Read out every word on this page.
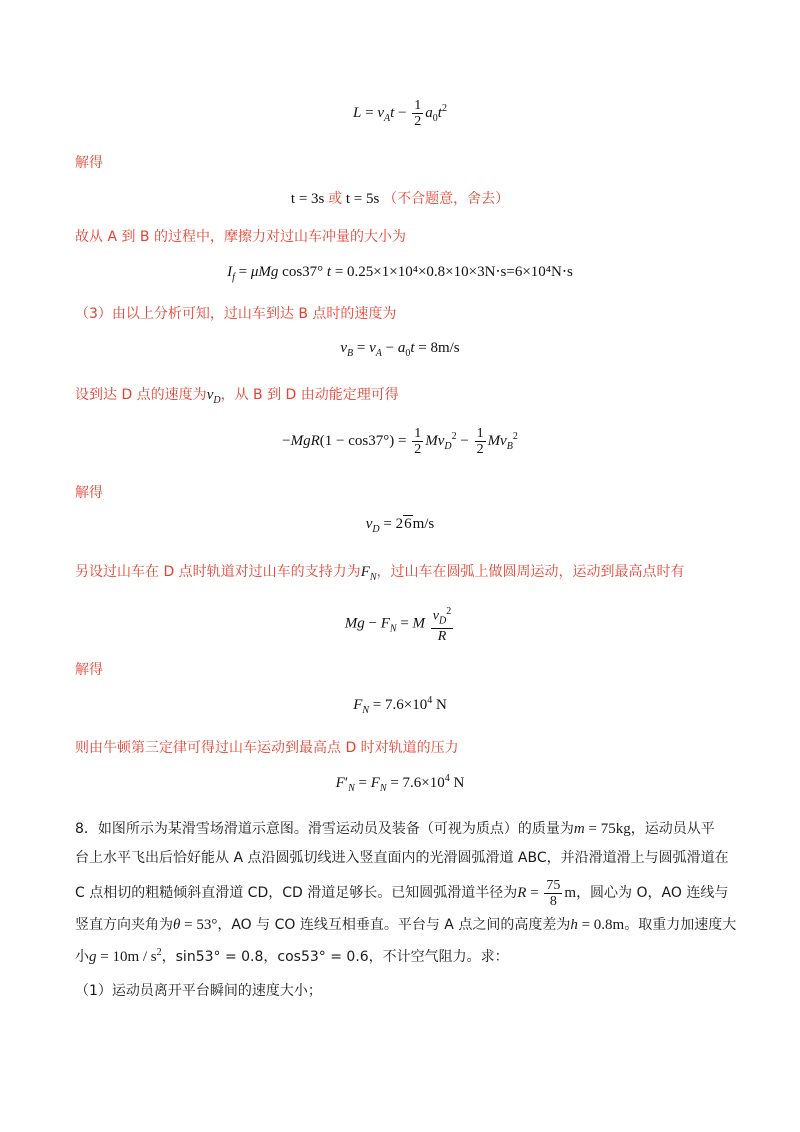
$L = v_At - \frac{1}{2} a_0t^2$
解得
t = 3s 或 t = 5s （不合题意，舍去）
故从 A 到 B 的过程中，摩擦力对过山车冲量的大小为
$I_f = \mu Mg$ cos37° t = 0.25×1×10⁴×0.8×10×3N⋅s=6×10⁴N⋅s
（3）由以上分析可知，过山车到达 B 点时的速度为
$v_B = v_A - a_0t = 8m/s$
设到达 D 点的速度为$v_D$，从 B 到 D 由动能定理可得
$-MgR(1 - \cos 37^\circ) = \frac{1}{2} Mv_D^2 - \frac{1}{2} Mv_B^2$
解得
$v_D = 26m/s$
另设过山车在 D 点时轨道对过山车的支持力为$F_N$，过山车在圆弧上做圆周运动，运动到最高点时有
$Mg - F_N = M \frac{v_D^2}{R}$
解得
$F_N = 7.6\times 10^4$ N
则由牛顿第三定律可得过山车运动到最高点 D 时对轨道的压力
$F'_N = F_N = 7.6\times 10^4$ N
8．如图所示为某滑雪场滑道示意图。滑雪运动员及装备（可视为质点）的质量为m = 75kg，运动员从平
台上水平飞出后恰好能从 A 点沿圆弧切线进入竖直面内的光滑圆弧滑道 ABC，并沿滑道滑上与圆弧滑道在
C 点相切的粗糙倾斜直滑道 CD，CD 滑道足够长。已知圆弧滑道半径为$R = \frac{75}{8}$ m，圆心为 O，AO 连线与
竖直方向夹角为θ = 53°，AO 与 CO 连线互相垂直。平台与 A 点之间的高度差为h = 0.8m。取重力加速度大
小$g = 10m / s^2$，sin53° = 0.8，cos53° = 0.6，不计空气阻力。求：
（1）运动员离开平台瞬间的速度大小；
